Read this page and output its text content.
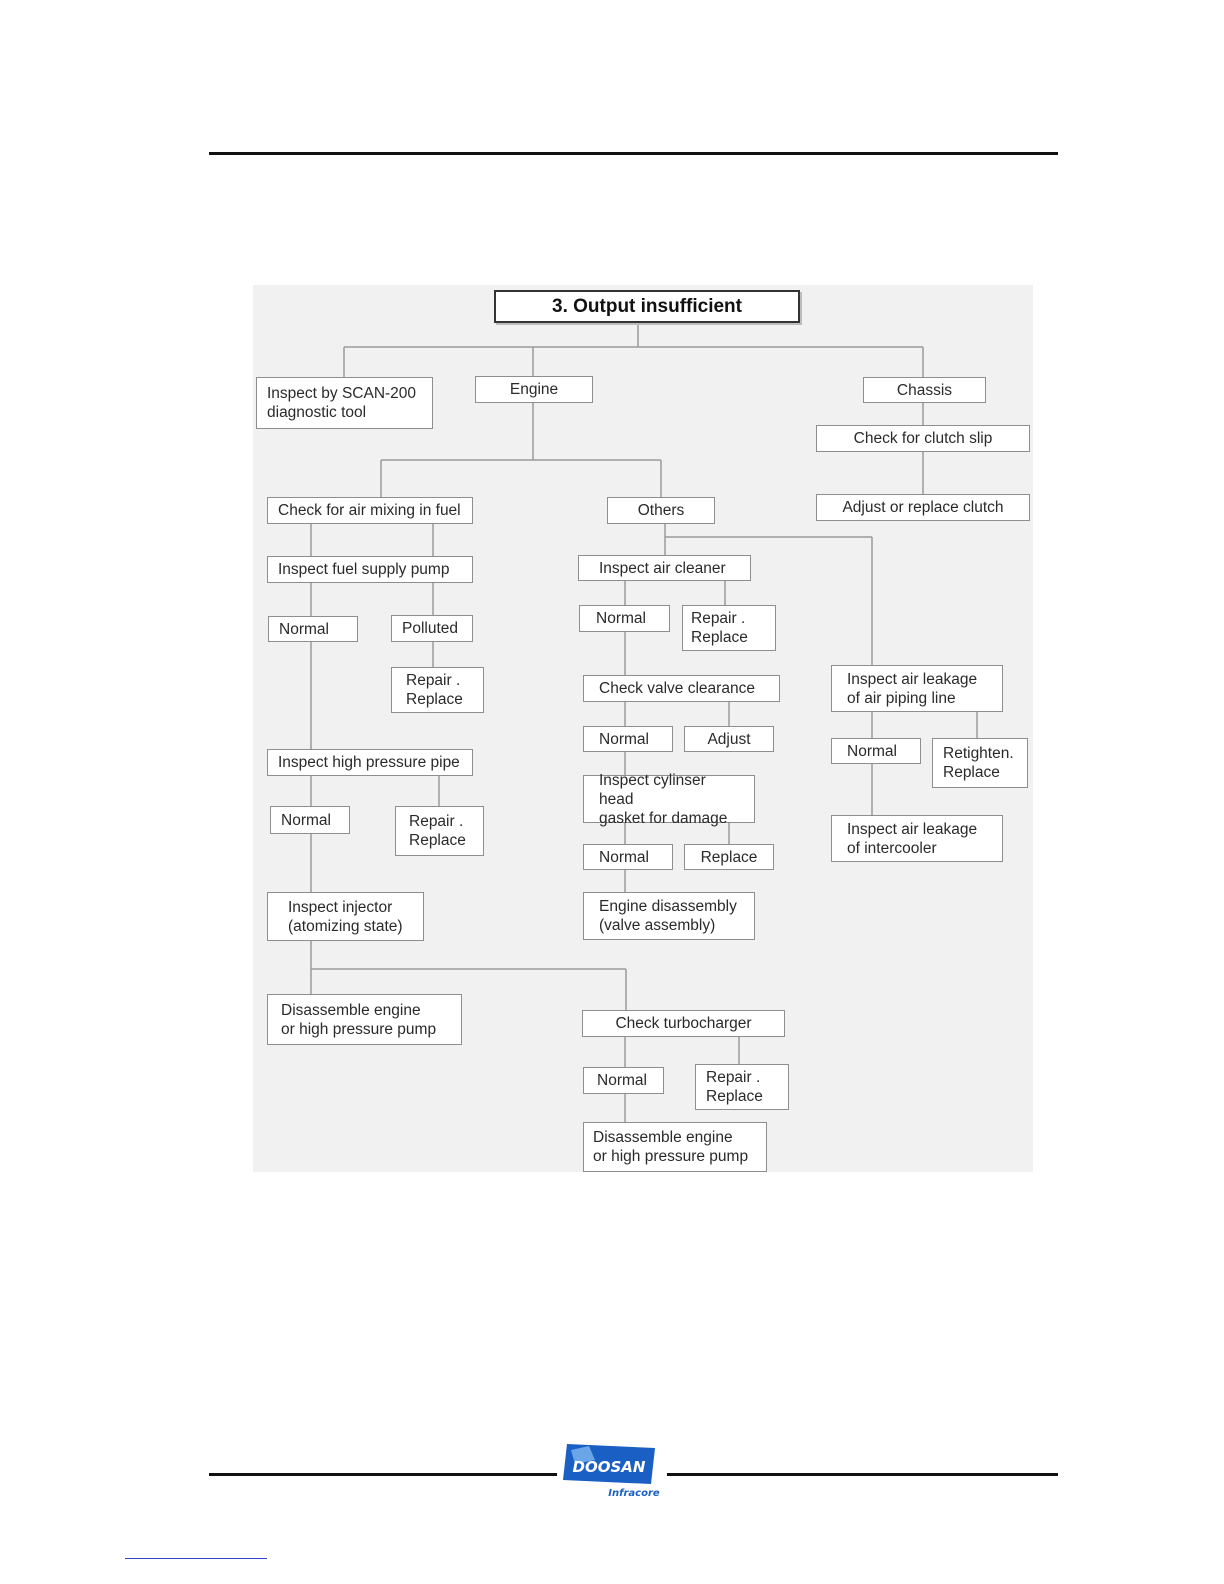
3. Output insufficient
Inspect by SCAN-200
diagnostic tool
Engine	Chassis
Check for clutch slip
Adjust or replace clutch
Check for air mixing in fuel
Inspect fuel supply pump
Normal	Polluted
Repair .
Replace
Inspect high pressure pipe
Normal	Repair .
Replace
Inspect injector
(atomizing state)
Disassemble engine
or high pressure pump
Others
Inspect air cleaner
Normal	Repair .
Replace
Check valve clearance
Normal	Adjust
Inspect cylinser head
gasket for damage
Normal	Replace
Engine disassembly
(valve assembly)
Inspect air leakage
of air piping line
Normal	Retighten.
Replace
Inspect air leakage
of intercooler
Check turbocharger
Normal	Repair .
Replace
Disassemble engine
or high pressure pump
DOOSAN
Infracore
